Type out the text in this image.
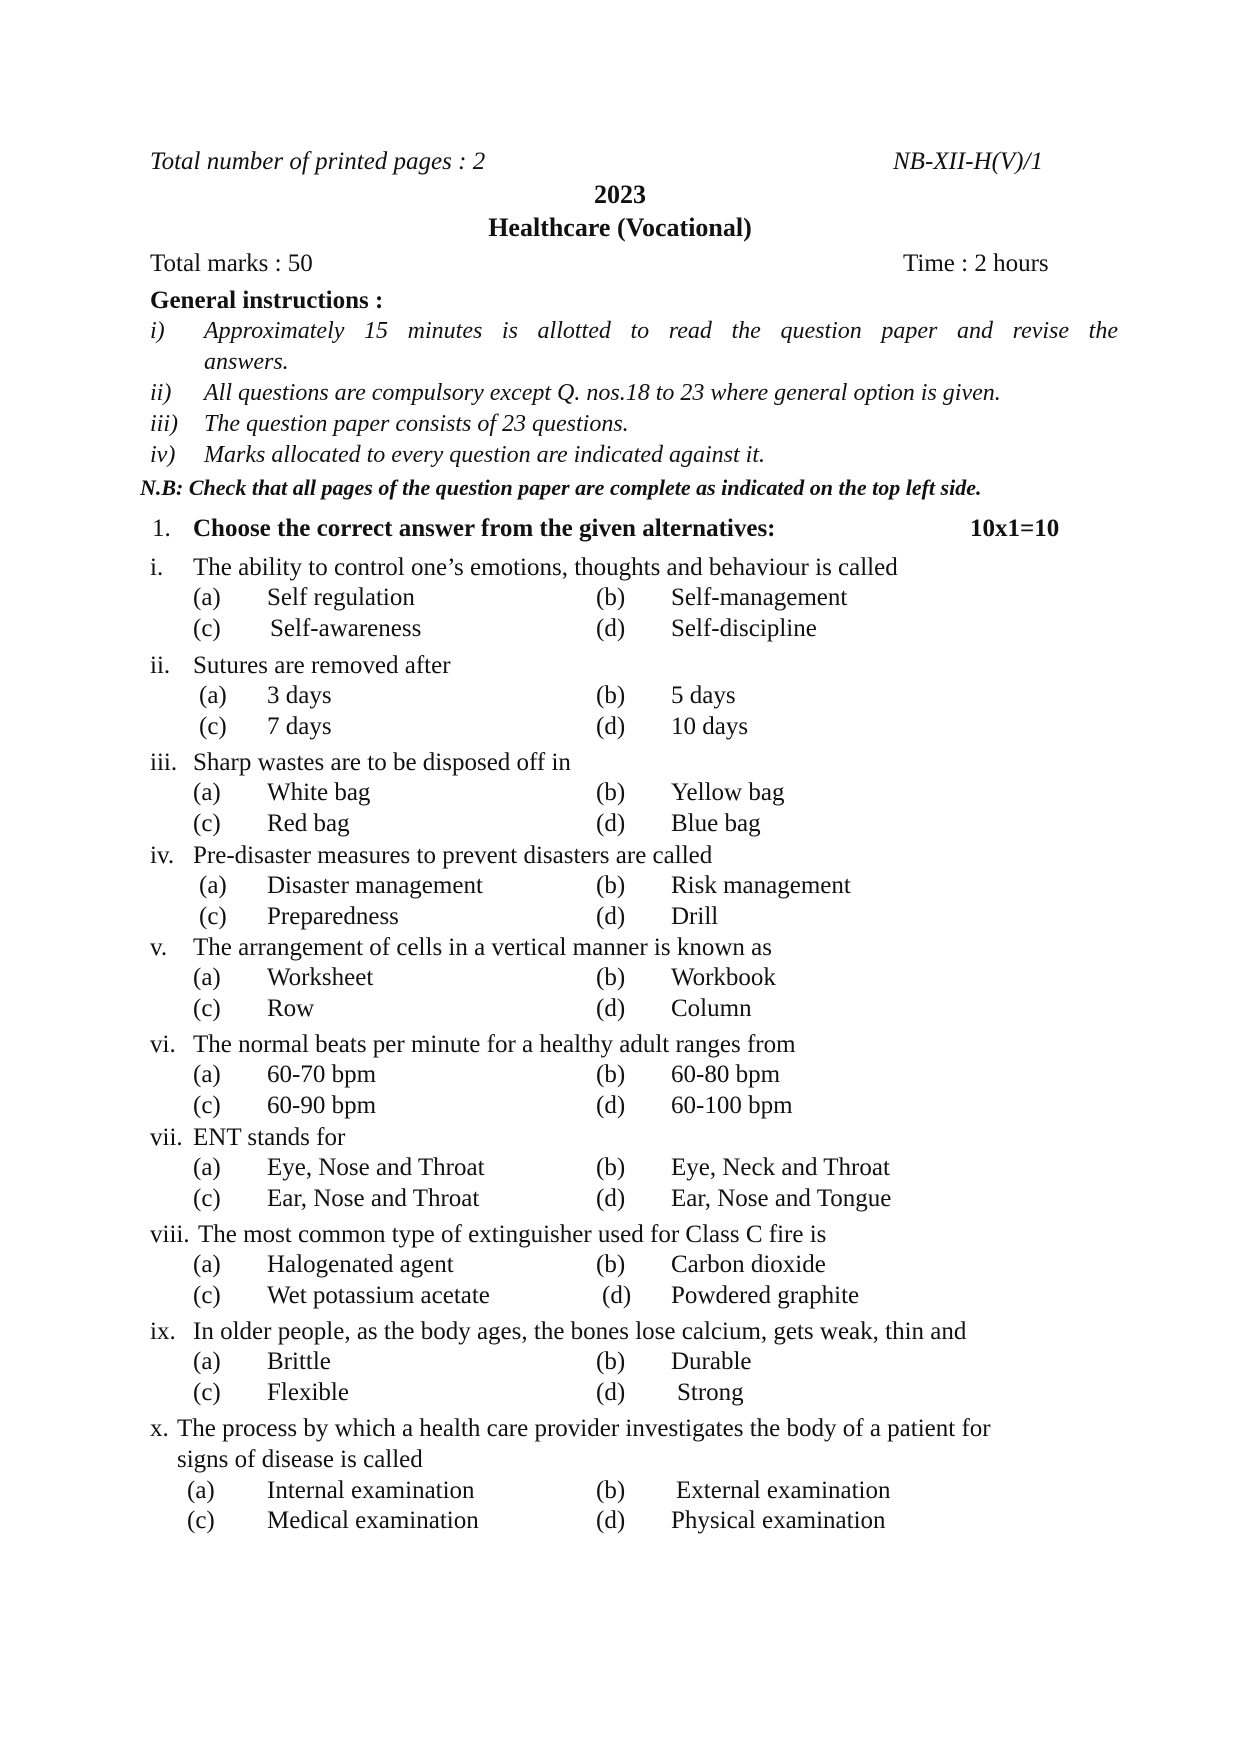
Total number of printed pages : 2	NB-XII-H(V)/1
2023
Healthcare (Vocational)
Total marks : 50	Time : 2 hours
General instructions :
i) Approximately 15 minutes is allotted to read the question paper and revise the
answers.
ii) All questions are compulsory except Q. nos.18 to 23 where general option is given.
iii) The question paper consists of 23 questions.
iv) Marks allocated to every question are indicated against it.
N.B: Check that all pages of the question paper are complete as indicated on the top left side.
1. Choose the correct answer from the given alternatives:	10x1=10
i. The ability to control one’s emotions, thoughts and behaviour is called
(a) Self regulation	(b) Self-management
(c) Self-awareness	(d) Self-discipline
ii. Sutures are removed after
(a) 3 days	(b) 5 days
(c) 7 days	(d) 10 days
iii. Sharp wastes are to be disposed off in
(a) White bag	(b) Yellow bag
(c) Red bag	(d) Blue bag
iv. Pre-disaster measures to prevent disasters are called
(a) Disaster management	(b) Risk management
(c) Preparedness	(d) Drill
v. The arrangement of cells in a vertical manner is known as
(a) Worksheet	(b) Workbook
(c) Row	(d) Column
vi. The normal beats per minute for a healthy adult ranges from
(a) 60-70 bpm	(b) 60-80 bpm
(c) 60-90 bpm	(d) 60-100 bpm
vii. ENT stands for
(a) Eye, Nose and Throat	(b) Eye, Neck and Throat
(c) Ear, Nose and Throat	(d) Ear, Nose and Tongue
viii. The most common type of extinguisher used for Class C fire is
(a) Halogenated agent	(b) Carbon dioxide
(c) Wet potassium acetate	(d) Powdered graphite
ix. In older people, as the body ages, the bones lose calcium, gets weak, thin and
(a) Brittle	(b) Durable
(c) Flexible	(d) Strong
x. The process by which a health care provider investigates the body of a patient for
signs of disease is called
(a) Internal examination	(b) External examination
(c) Medical examination	(d) Physical examination
